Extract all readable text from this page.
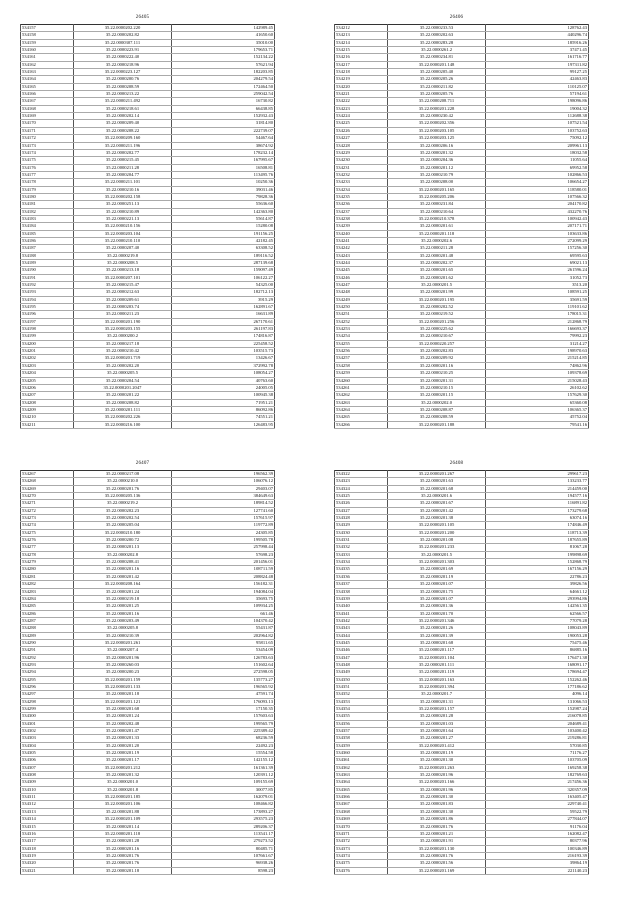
26405
534157	35.22.0000202.220	142989.45
534158	35.22.0000202.82	41650.60
534159	35.22.0000307.111	35010.00
534160	35.22.0000223.91	179653.71
534161	35.22.0000222.40	152134.22
534162	35.22.0000218.96	57621.94
534163	35.22.0000223.127	182203.85
534164	35.22.0000200.76	204279.54
534165	35.22.0000208.59	172464.50
534166	35.22.0000213.22	259042.54
534167	35.22.0000211.492	16730.82
534168	35.22.0000218.61	66438.85
534169	35.22.0000202.14	152932.43
534170	35.22.0000209.40	31814.80
534171	35.22.0000208.22	222739.07
534172	35.22.0000209.160	54467.64
534173	35.22.0000211.196	38674.92
534174	35.22.0000202.77	178232.14
534175	35.22.0000215.45	167995.67
534176	35.22.0000211.28	16508.81
534177	35.22.0000204.77	113495.76
534178	35.22.0000211.101	10250.36
534179	35.22.0000210.16	39031.46
534180	35.22.0000202.158	79828.36
534181	35.22.0000251.13	55636.60
534182	35.22.0000210.89	142363.80
534183	35.22.0000221.13	55614.87
534184	35.22.0000210.156	15280.08
534185	35.22.0000203.104	191156.25
534186	35.22.0000210.110	42182.45
534187	35.22.0000207.40	63308.52
534188	35.22.0000219.8	189116.52
534189	35.22.0000208.5	287139.68
534190	35.22.0000213.18	159097.49
534191	35.22.0000207.101	106122.27
534192	35.22.0000215.47	54325.00
534193	35.22.0000212.63	182712.13
534194	35.22.0000209.61	3915.29
534195	35.22.0000203.74	162891.67
534196	35.22.0000211.23	16631.89
534197	35.22.0000201.190	267170.61
534198	35.22.0000203.155	261197.83
534199	35.22.0000200.2	174816.87
534200	35.22.0000217.18	225458.52
534201	35.22.0000210.42	103515.73
534202	35.22.0000201.719	13426.67
534203	35.22.0000202.20	372992.78
534204	35.22.0000205.5	108054.27
534205	35.22.0000204.54	40763.60
534206	35.22.0000201.2047	24005.05
534207	35.22.0000201.22	100945.38
534208	35.22.0000208.82	71951.21
534209	35.22.0000201.111	86092.86
534210	35.22.0000202.226	74551.21
534211	35.22.0000216.100	126483.95
26406
534212	35.22.0000233.53	128762.43
534213	35.22.0000202.63	440296.74
534214	35.22.0000283.28	185916.26
534215	35.22.0000261.2	37471.45
534216	35.22.0000234.81	161716.77
534217	35.22.0000201.148	197311.82
534218	35.22.0000205.40	99127.25
534219	35.22.0000205.26	42463.83
534220	35.22.0000211.82	110125.07
534221	35.22.0000205.76	57194.61
534222	35.22.0000208.711	198096.86
534223	35.22.0000201.228	19004.32
534224	35.22.0000230.42	112688.38
534225	35.22.0000202.356	107521.54
534226	35.22.0000203.105	103752.63
534227	35.22.0000203.125	75092.12
534228	35.22.0000206.16	209961.13
534229	35.22.0000201.32	18032.58
534230	35.22.0000204.36	11055.64
534231	35.22.0000201.12	69952.58
534232	35.22.0000210.79	102866.53
534233	35.22.0000208.00	106654.27
534234	35.22.0000201.165	118580.01
534235	35.22.0000205.206	107566.32
534236	35.22.0000231.84	204170.82
534237	35.22.0000210.64	432270.76
534238	35.22.0000210.378	100942.43
534239	35.22.0000201.61	207171.71
534240	35.22.0000201.118	103633.86
534241	35.22.0000202.6	272099.29
534242	35.22.0000211.28	157256.30
534243	35.22.0000201.48	69595.63
534244	35.22.0000202.37	69021.13
534245	35.22.0000201.65	261596.24
534246	35.22.0000201.62	31052.73
534247	35.22.0000201.5	3513.20
534248	35.22.0000201.99	108591.25
534249	35.22.0000201.195	35691.59
534250	35.22.0000202.52	119101.62
534251	35.22.0000219.52	178015.31
534252	35.22.0000201.256	212868.79
534253	35.22.0000225.62	166693.37
534254	35.22.0000210.67	79992.23
534255	35.22.0000220.257	31214.27
534256	35.22.0000202.83	198970.63
534257	35.22.0000209.92	215214.85
534258	35.22.0000201.16	74862.96
534259	35.22.0000210.25	109378.69
534260	35.22.0000201.31	215028.43
534261	35.22.0000210.15	26102.62
534262	35.22.0000201.15	157629.30
534263	35.22.0000202.0	65360.08
534264	35.22.0000208.87	106365.37
534265	35.22.0000208.59	45752.04
534266	35.22.0000201.188	79541.16
26407
534267	35.22.0000217.08	196562.39
534268	35.22.0000210.0	106076.12
534269	35.22.0000201.76	29403.07
534270	35.22.0000205.136	384649.63
534271	35.22.0000219.2	189814.52
534272	35.22.0000202.23	127741.60
534273	35.22.0000202.54	157615.97
534274	35.22.0000205.04	119772.89
534275	35.22.0000210.180	24305.85
534276	35.22.0000200.72	199505.78
534277	35.22.0000201.13	257998.44
534278	35.22.0000202.8	57698.23
534279	35.22.0000208.41	201456.01
534280	35.22.0000201.16	108711.59
534281	35.22.0000201.42	208824.48
534282	35.22.0000208.164	156182.31
534283	35.22.0000201.24	194084.04
534284	35.22.0000219.18	35693.75
534285	35.22.0000201.25	109934.25
534286	35.22.0000201.16	661.46
534287	35.22.0000203.49	104370.42
534288	35.22.0000205.8	55431.87
534289	35.22.0000210.39	202964.82
534290	35.22.0000201.261	95811.65
534291	35.22.0000207.4	53454.09
534292	35.22.0000201.96	126783.63
534293	35.22.0000260.03	151602.64
534294	35.22.0000200.23	272598.05
534295	35.22.0000201.159	135773.27
534296	35.22.0000201.133	196565.92
534297	35.22.0000201.18	47591.74
534298	35.22.0000201.121	176093.13
534299	35.22.0000201.68	17150.35
534300	35.22.0000201.24	157603.63
534301	35.22.0000202.48	199565.79
534302	35.22.0000201.47	225389.42
534303	35.22.0000201.33	68236.59
534304	35.22.0000201.20	22492.23
534305	35.22.0000201.19	15554.58
534306	35.22.0000201.17	142155.12
534307	35.22.0000201.212	161361.39
534308	35.22.0000201.32	120391.12
534309	35.22.0000201.0	109155.69
534310	35.22.0000201.8	30077.85
534311	35.22.0000201.185	162079.01
534312	35.22.0000201.106	108466.82
534313	35.22.0000201.88	173893.27
534314	35.22.0000201.109	293575.23
534315	35.22.0000201.14	289206.37
534316	35.22.0000201.118	113541.17
534317	35.22.0000201.28	279273.52
534318	35.22.0000201.16	80485.71
534319	35.22.0000201.76	107661.67
534320	35.22.0000201.76	96938.26
534321	35.22.0000201.18	8598.23
26408
534322	35.22.0000201.267	299617.23
534323	35.22.0000201.63	133233.77
534324	35.22.0000201.68	214459.00
534325	35.22.0000201.6	194577.16
534326	35.22.0000201.67	116891.82
534327	35.22.0000201.42	173279.68
534328	35.22.0000201.38	63074.16
534329	35.22.0000201.105	174846.49
534330	35.22.0000201.200	118713.39
534331	35.22.0000201.08	187655.89
534332	35.22.0000201.233	81067.28
534333	35.22.0000201.5	199898.69
534334	35.22.0000201.303	152868.79
534335	35.22.0000201.69	167156.29
534336	35.22.0000201.19	22786.23
534337	35.22.0000201.07	39826.56
534338	35.22.0000201.75	64661.12
534339	35.22.0000201.07	293994.86
534340	35.22.0000201.36	142561.35
534341	35.22.0000201.70	62566.57
534342	35.22.0000201.346	77079.28
534343	35.22.0000201.26	108043.89
534344	35.22.0000201.39	190053.28
534345	35.22.0000201.68	75475.46
534346	35.22.0000201.117	86885.16
534347	35.22.0000201.104	176471.38
534348	35.22.0000201.111	168091.17
534349	35.22.0000201.119	178694.47
534350	35.22.0000201.163	152262.46
534351	35.22.0000201.394	177186.62
534352	35.22.0000201.7	4096.14
534353	35.22.0000201.31	131066.53
534354	35.22.0000201.157	152987.24
534355	35.22.0000201.28	216078.85
534356	35.22.0000201.03	204689.41
534357	35.22.0000201.64	103400.42
534358	35.22.0000201.27	219286.81
534359	35.22.0000201.412	57030.85
534360	35.22.0000201.19	71176.27
534361	35.22.0000201.30	103705.09
534362	35.22.0000201.263	169258.38
534363	35.22.0000201.96	182769.63
534364	35.22.0000201.166	217456.36
534365	35.22.0000201.96	320357.09
534366	35.22.0000201.30	163405.47
534367	35.22.0000201.83	229740.41
534368	35.22.0000201.30	59522.79
534369	35.22.0000201.86	277844.07
534370	35.22.0000201.76	91176.04
534371	35.22.0000201.21	162082.47
534372	35.22.0000201.91	80377.96
534373	35.22.0000201.130	100346.89
534374	35.22.0000201.76	216193.39
534375	35.22.0000201.56	39864.19
534376	35.22.0000201.169	221140.23
